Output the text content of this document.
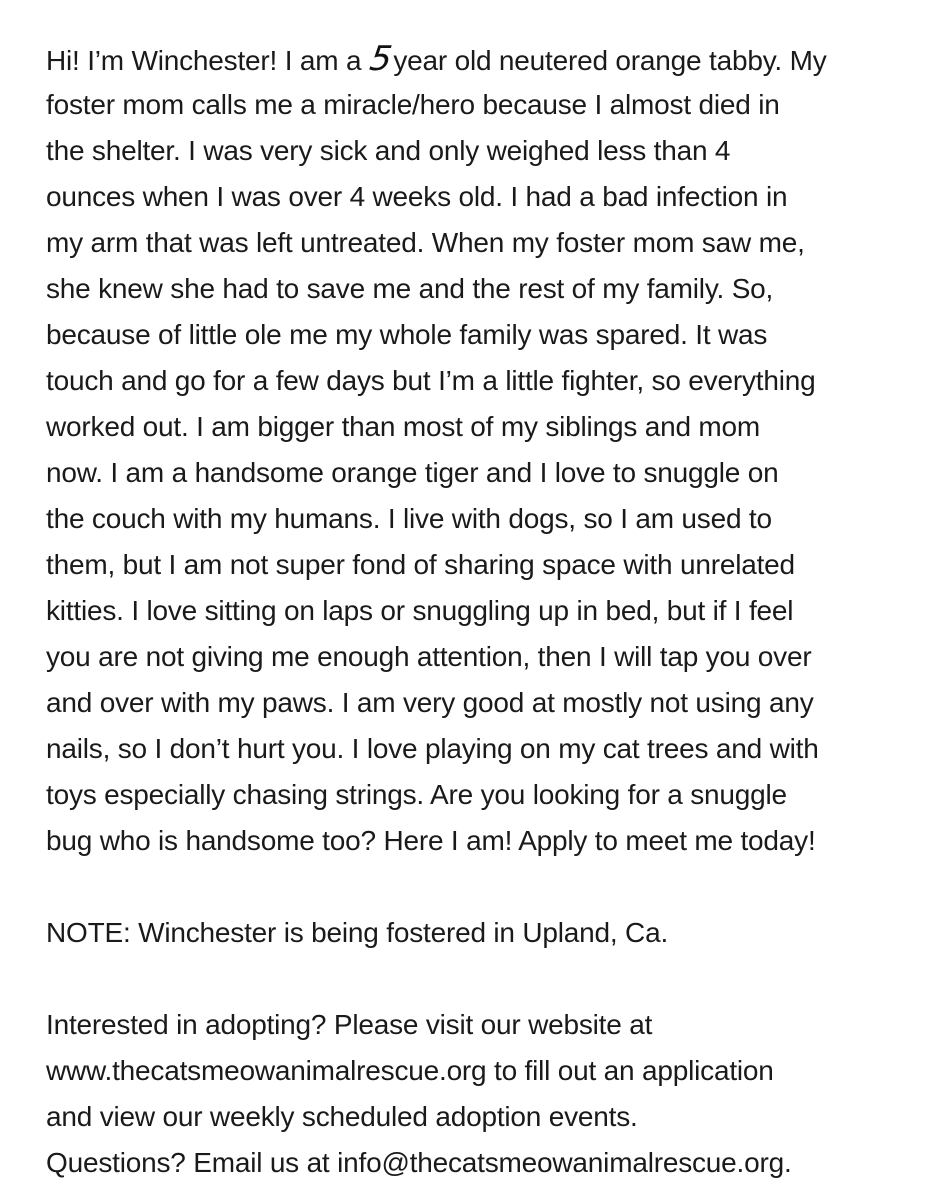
Hi! I’m Winchester! I am a 5year old neutered orange tabby. My
foster mom calls me a miracle/hero because I almost died in
the shelter. I was very sick and only weighed less than 4
ounces when I was over 4 weeks old. I had a bad infection in
my arm that was left untreated. When my foster mom saw me,
she knew she had to save me and the rest of my family. So,
because of little ole me my whole family was spared. It was
touch and go for a few days but I’m a little fighter, so everything
worked out. I am bigger than most of my siblings and mom
now. I am a handsome orange tiger and I love to snuggle on
the couch with my humans. I live with dogs, so I am used to
them, but I am not super fond of sharing space with unrelated
kitties. I love sitting on laps or snuggling up in bed, but if I feel
you are not giving me enough attention, then I will tap you over
and over with my paws. I am very good at mostly not using any
nails, so I don’t hurt you. I love playing on my cat trees and with
toys especially chasing strings. Are you looking for a snuggle
bug who is handsome too? Here I am! Apply to meet me today!
NOTE: Winchester is being fostered in Upland, Ca.
Interested in adopting? Please visit our website at
www.thecatsmeowanimalrescue.org to fill out an application
and view our weekly scheduled adoption events.
Questions? Email us at info@thecatsmeowanimalrescue.org.
